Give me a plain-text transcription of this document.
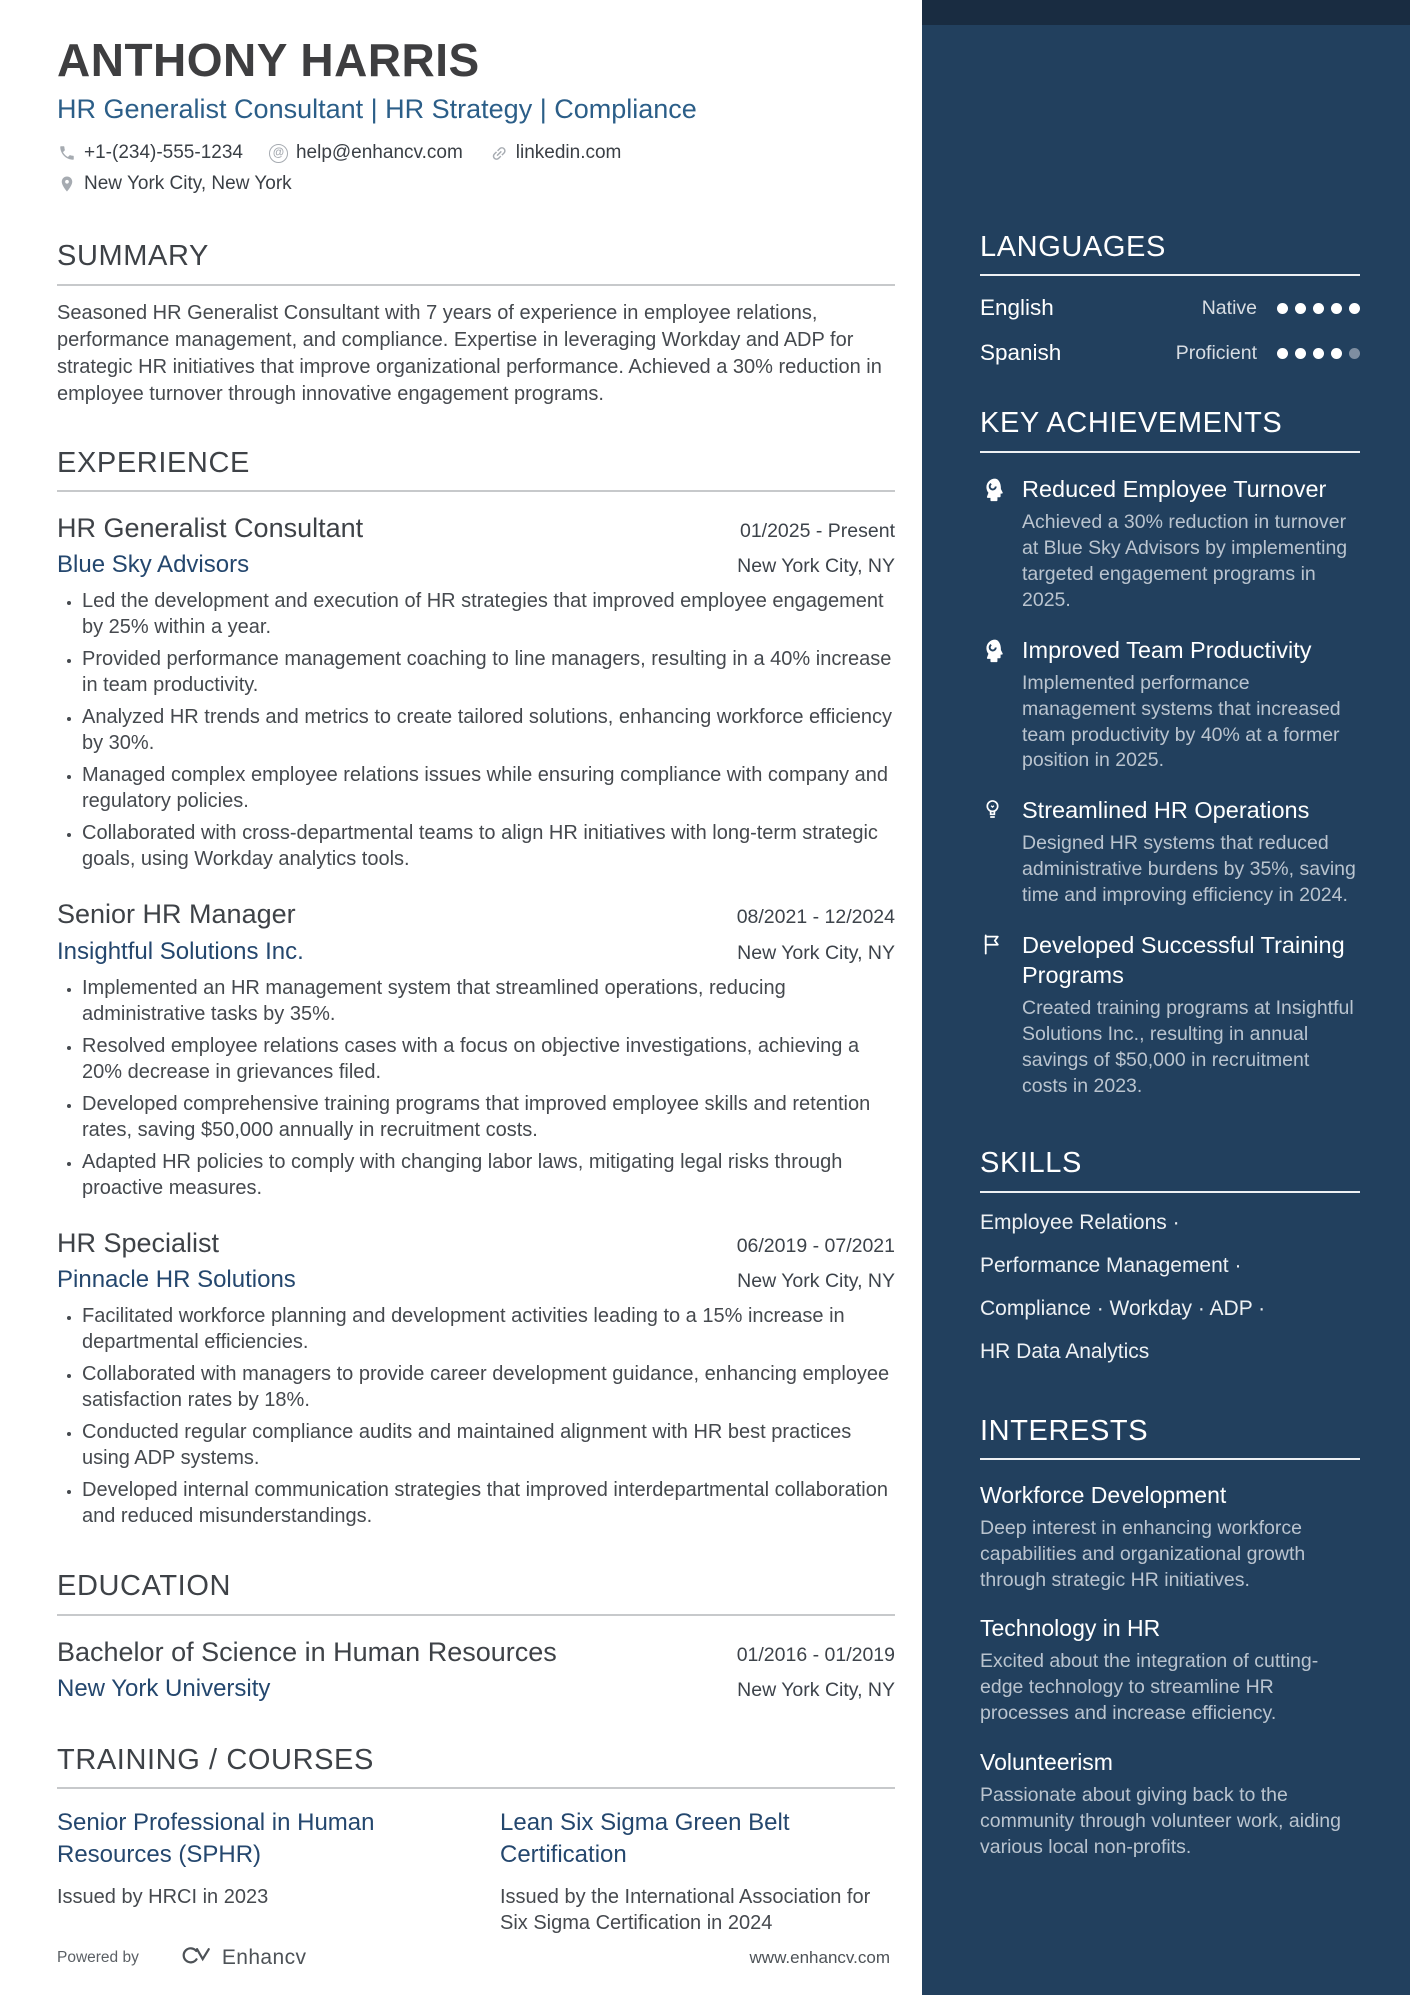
ANTHONY HARRIS
HR Generalist Consultant | HR Strategy | Compliance
+1-(234)-555-1234	@ help@enhancv.com	linkedin.com
New York City, New York
SUMMARY

Seasoned HR Generalist Consultant with 7 years of experience in employee relations, performance management, and compliance. Expertise in leveraging Workday and ADP for strategic HR initiatives that improve organizational performance. Achieved a 30% reduction in employee turnover through innovative engagement programs.

EXPERIENCE
HR Generalist Consultant	01/2025 - Present
Blue Sky Advisors	New York City, NY
• Led the development and execution of HR strategies that improved employee engagement by 25% within a year.
• Provided performance management coaching to line managers, resulting in a 40% increase in team productivity.
• Analyzed HR trends and metrics to create tailored solutions, enhancing workforce efficiency by 30%.
• Managed complex employee relations issues while ensuring compliance with company and regulatory policies.
• Collaborated with cross-departmental teams to align HR initiatives with long-term strategic goals, using Workday analytics tools.
Senior HR Manager	08/2021 - 12/2024
Insightful Solutions Inc.	New York City, NY
• Implemented an HR management system that streamlined operations, reducing administrative tasks by 35%.
• Resolved employee relations cases with a focus on objective investigations, achieving a 20% decrease in grievances filed.
• Developed comprehensive training programs that improved employee skills and retention rates, saving $50,000 annually in recruitment costs.
• Adapted HR policies to comply with changing labor laws, mitigating legal risks through proactive measures.
HR Specialist	06/2019 - 07/2021
Pinnacle HR Solutions	New York City, NY
• Facilitated workforce planning and development activities leading to a 15% increase in departmental efficiencies.
• Collaborated with managers to provide career development guidance, enhancing employee satisfaction rates by 18%.
• Conducted regular compliance audits and maintained alignment with HR best practices using ADP systems.
• Developed internal communication strategies that improved interdepartmental collaboration and reduced misunderstandings.
EDUCATION
Bachelor of Science in Human Resources	01/2016 - 01/2019
New York University	New York City, NY
TRAINING / COURSES
Senior Professional in Human Resources (SPHR)
Issued by HRCI in 2023
Lean Six Sigma Green Belt Certification
Issued by the International Association for Six Sigma Certification in 2024
LANGUAGES
English	Native
Spanish	Proficient
KEY ACHIEVEMENTS
Reduced Employee Turnover
Achieved a 30% reduction in turnover at Blue Sky Advisors by implementing targeted engagement programs in 2025.
Improved Team Productivity
Implemented performance management systems that increased team productivity by 40% at a former position in 2025.
Streamlined HR Operations
Designed HR systems that reduced administrative burdens by 35%, saving time and improving efficiency in 2024.
Developed Successful Training Programs
Created training programs at Insightful Solutions Inc., resulting in annual savings of $50,000 in recruitment costs in 2023.
SKILLS
Employee Relations ·
Performance Management ·
Compliance · Workday · ADP ·
HR Data Analytics
INTERESTS
Workforce Development
Deep interest in enhancing workforce capabilities and organizational growth through strategic HR initiatives.
Technology in HR
Excited about the integration of cutting-edge technology to streamline HR processes and increase efficiency.
Volunteerism
Passionate about giving back to the community through volunteer work, aiding various local non-profits.
Powered by	Enhancv	www.enhancv.com
